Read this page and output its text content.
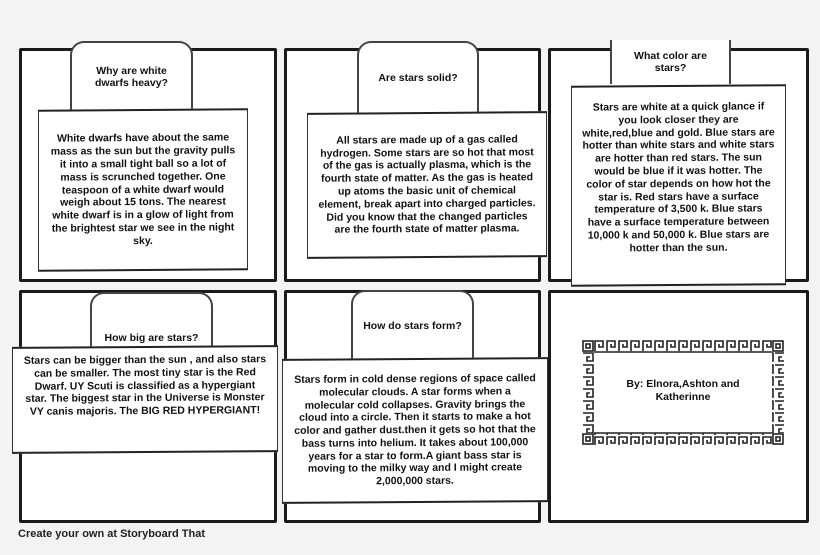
Why are white dwarfs heavy?
White dwarfs have about the same mass as the sun but the gravity pulls it into a small tight ball so a lot of mass is scrunched together. One teaspoon of a white dwarf would weigh about 15 tons. The nearest white dwarf is in a glow of light from the brightest star we see in the night sky.
Are stars solid?
All stars are made up of a gas called hydrogen. Some stars are so hot that most of the gas is actually plasma, which is the fourth state of matter. As the gas is heated up atoms the basic unit of chemical element, break apart into charged particles. Did you know that the changed particles are the fourth state of matter plasma.
What color are stars?
Stars are white at a quick glance if you look closer they are white,red,blue and gold. Blue stars are hotter than white stars and white stars are hotter than red stars. The sun would be blue if it was hotter. The color of star depends on how hot the star is. Red stars have a surface temperature of 3,500 k. Blue stars have a surface temperature between 10,000 k and 50,000 k. Blue stars are hotter than the sun.
How big are stars?
Stars can be bigger than the sun , and also stars can be smaller. The most tiny star is the Red Dwarf. UY Scuti is classified as a hypergiant star. The biggest star in the Universe is Monster VY canis majoris. The BIG RED HYPERGIANT!
How do stars form?
Stars form in cold dense regions of space called molecular clouds. A star forms when a molecular cold collapses. Gravity brings the cloud into a circle. Then it starts to make a hot color and gather dust.then it gets so hot that the bass turns into helium. It takes about 100,000 years for a star to form.A giant bass star is moving to the milky way and I might create 2,000,000 stars.
By: Elnora,Ashton and Katherinne
Create your own at Storyboard That
